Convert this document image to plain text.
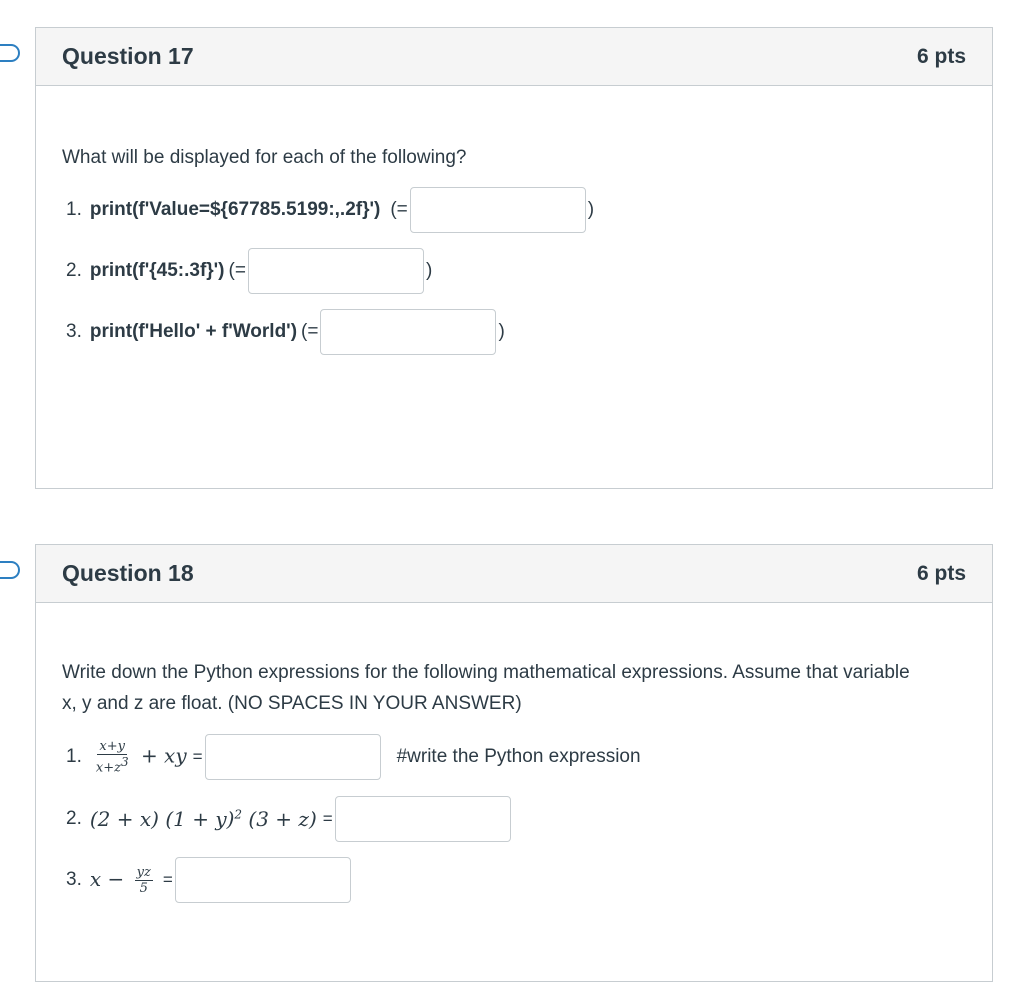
Question 17	6 pts
What will be displayed for each of the following?
1. print(f'Value=${67785.5199:,.2f}') (=	)
2. print(f'{45:.3f}') (=	)
3. print(f'Hello' + f'World') (=	)
Question 18	6 pts
Write down the Python expressions for the following mathematical expressions. Assume that variable x, y and z are float. (NO SPACES IN YOUR ANSWER)
1. $\frac{x+y}{x+z^3}$ + xy =	#write the Python expression
2. (2 + x) $(1 + y)^2$ (3 + z) =
3. $x - \frac{yz}{5}$ =
